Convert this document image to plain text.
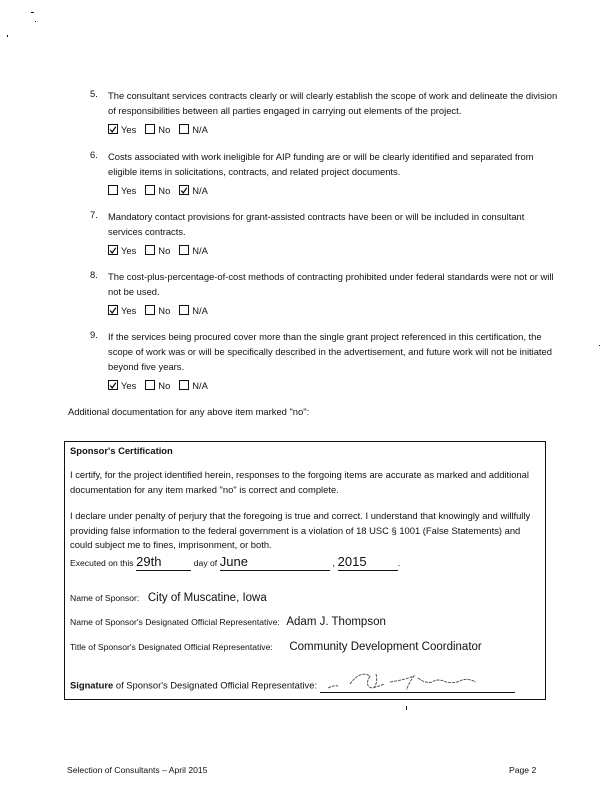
5.	The consultant services contracts clearly or will clearly establish the scope of work and delineate the division of responsibilities between all parties engaged in carrying out elements of the project.
Yes No N/A
6.	Costs associated with work ineligible for AIP funding are or will be clearly identified and separated from eligible items in solicitations, contracts, and related project documents.
Yes No N/A
7.	Mandatory contact provisions for grant-assisted contracts have been or will be included in consultant services contracts.
Yes No N/A
8.	The cost-plus-percentage-of-cost methods of contracting prohibited under federal standards were not or will not be used.
Yes No N/A
9.	If the services being procured cover more than the single grant project referenced in this certification, the scope of work was or will be specifically described in the advertisement, and future work will not be initiated beyond five years.
Yes No N/A
Additional documentation for any above item marked "no":
Sponsor's Certification
I certify, for the project identified herein, responses to the forgoing items are accurate as marked and additional documentation for any item marked "no" is correct and complete.
I declare under penalty of perjury that the foregoing is true and correct. I understand that knowingly and willfully providing false information to the federal government is a violation of 18 USC § 1001 (False Statements) and could subject me to fines, imprisonment, or both.
Executed on this 29th	day of June	, 2015	.
Name of Sponsor: City of Muscatine, Iowa
Name of Sponsor's Designated Official Representative: Adam J. Thompson
Title of Sponsor's Designated Official Representative: Community Development Coordinator
Signature of Sponsor's Designated Official Representative:
Selection of Consultants – April 2015	Page 2
